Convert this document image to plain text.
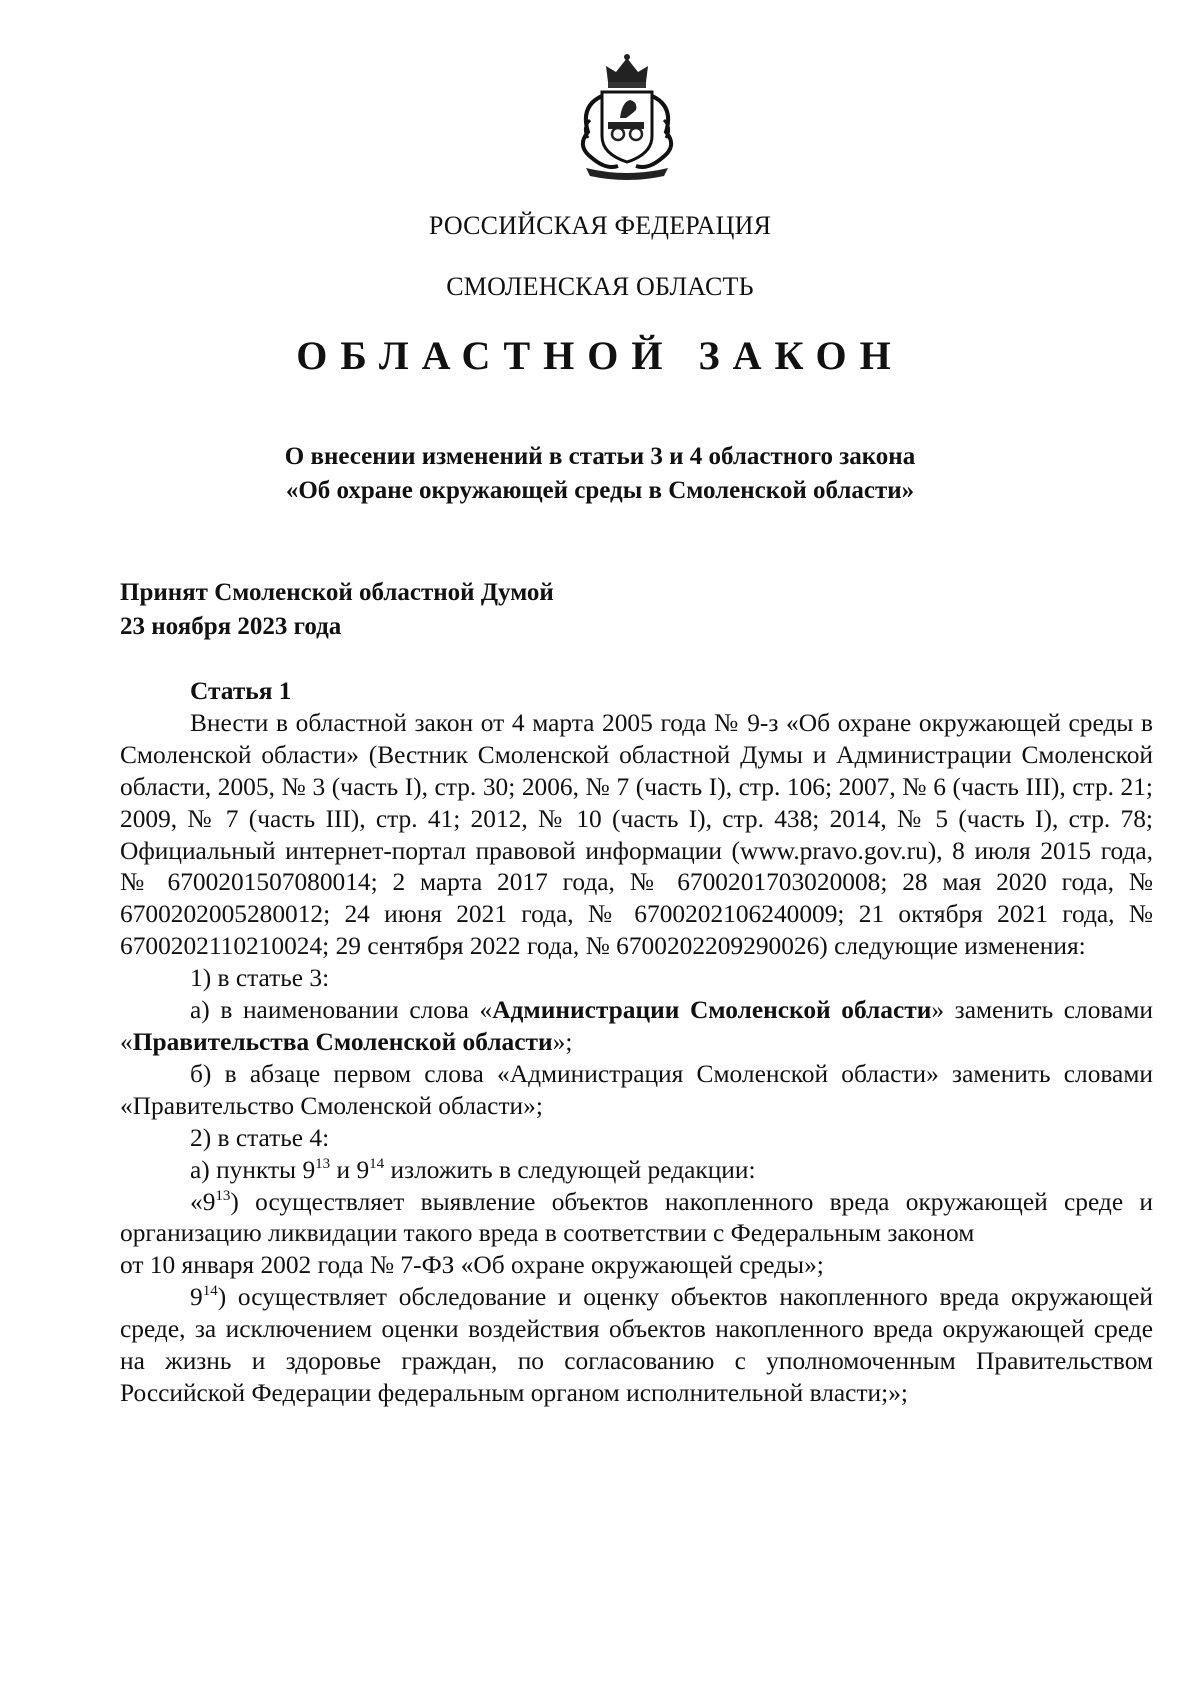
РОССИЙСКАЯ ФЕДЕРАЦИЯ
СМОЛЕНСКАЯ ОБЛАСТЬ
ОБЛАСТНОЙ ЗАКОН
О внесении изменений в статьи 3 и 4 областного закона
«Об охране окружающей среды в Смоленской области»
Принят Смоленской областной Думой
23 ноября 2023 года

Статья 1

Внести в областной закон от 4 марта 2005 года № 9-з «Об охране окружающей среды в Смоленской области» (Вестник Смоленской областной Думы и Администрации Смоленской области, 2005, № 3 (часть I), стр. 30; 2006, № 7 (часть I), стр. 106; 2007, № 6 (часть III), стр. 21; 2009, № 7 (часть III), стр. 41; 2012, № 10 (часть I), стр. 438; 2014, № 5 (часть I), стр. 78; Официальный интернет-портал правовой информации (www.pravo.gov.ru), 8 июля 2015 года, № 6700201507080014; 2 марта 2017 года, № 6700201703020008; 28 мая 2020 года, № 6700202005280012; 24 июня 2021 года, № 6700202106240009; 21 октября 2021 года, № 6700202110210024; 29 сентября 2022 года, № 6700202209290026) следующие изменения:

1) в статье 3:

а) в наименовании слова «Администрации Смоленской области» заменить словами «Правительства Смоленской области»;

б) в абзаце первом слова «Администрация Смоленской области» заменить словами «Правительство Смоленской области»;

2) в статье 4:

а) пункты $9^{13}$ и $9^{14}$ изложить в следующей редакции:

«$9^{13}$) осуществляет выявление объектов накопленного вреда окружающей среде и организацию ликвидации такого вреда в соответствии с Федеральным законом

от 10 января 2002 года № 7-ФЗ «Об охране окружающей среды»;

$9^{14}$) осуществляет обследование и оценку объектов накопленного вреда окружающей среде, за исключением оценки воздействия объектов накопленного вреда окружающей среде на жизнь и здоровье граждан, по согласованию с уполномоченным Правительством Российской Федерации федеральным органом исполнительной власти;»;
